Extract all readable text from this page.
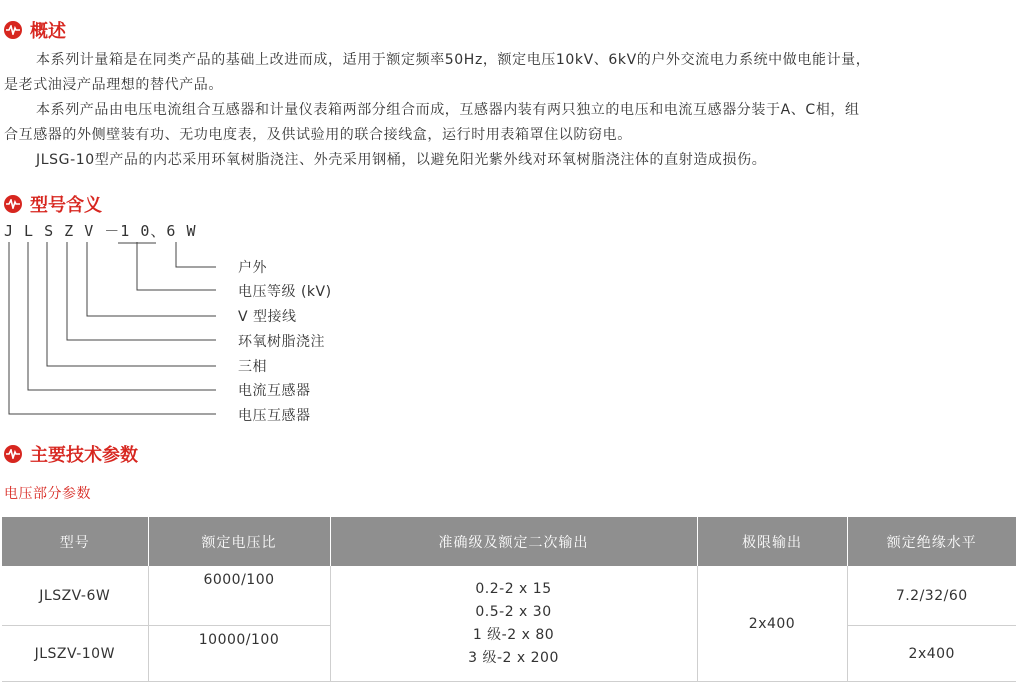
概述

本系列计量箱是在同类产品的基础上改进而成，适用于额定频率50Hz，额定电压10kV、6kV的户外交流电力系统中做电能计量，

是老式油浸产品理想的替代产品。

本系列产品由电压电流组合互感器和计量仪表箱两部分组合而成，互感器内装有两只独立的电压和电流互感器分装于A、C相，组

合互感器的外侧壁装有功、无功电度表，及供试验用的联合接线盒，运行时用表箱罩住以防窃电。

JLSG-10型产品的内芯采用环氧树脂浇注、外壳采用钢桶，以避免阳光紫外线对环氧树脂浇注体的直射造成损伤。

型号含义
J L S Z V －1 0、6 W
户外
电压等级 (kV)
V 型接线
环氧树脂浇注
三相
电流互感器
电压互感器
主要技术参数
电压部分参数
型号	额定电压比	准确级及额定二次输出	极限输出	额定绝缘水平
JLSZV-6W	6000/100	0.2-2 x 15
0.5-2 x 30
1 级-2 x 80
3 级-2 x 200	2x400	7.2/32/60
JLSZV-10W	10000/100			2x400
